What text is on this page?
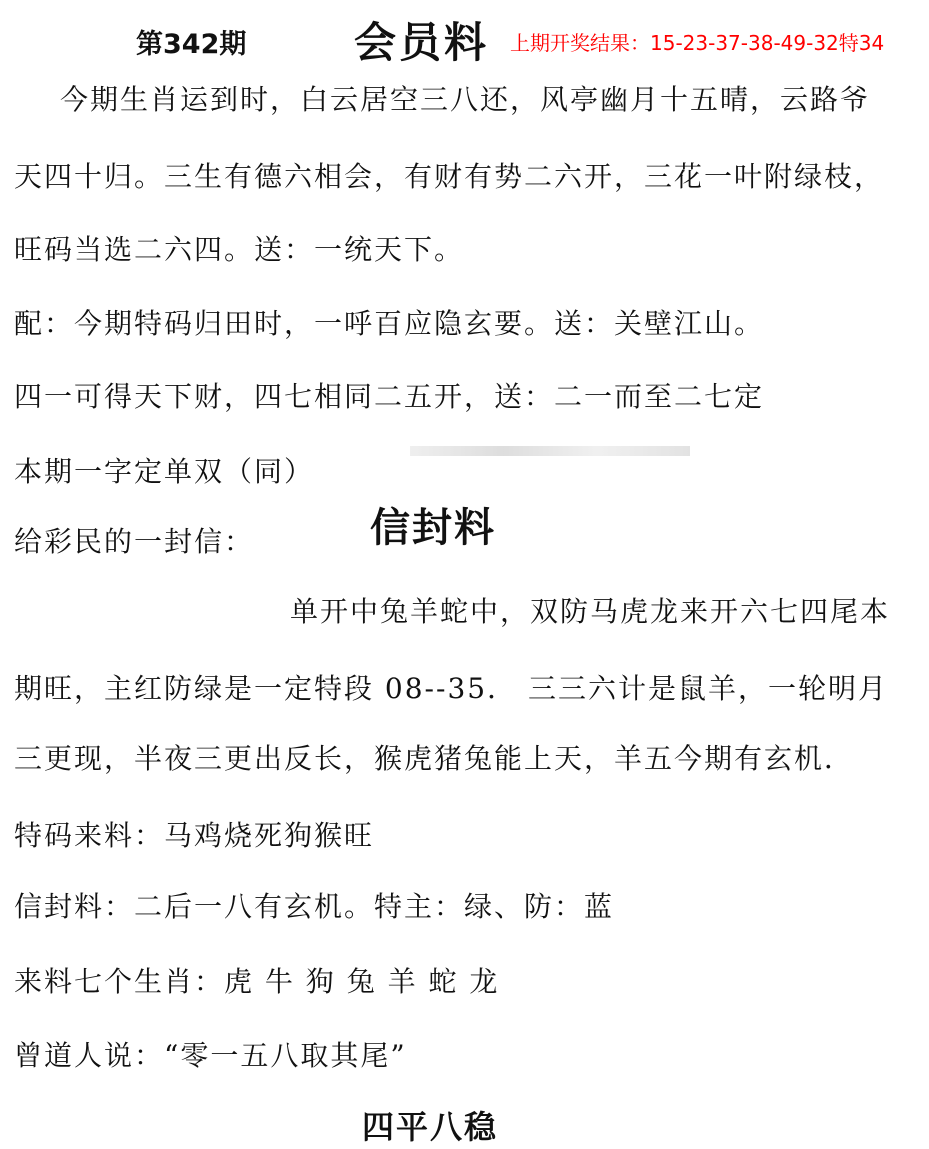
第342期	会员料 上期开奖结果：15-23-37-38-49-32特34
今期生肖运到时，白云居空三八还，风亭幽月十五晴，云路爷
天四十归。三生有德六相会，有财有势二六开，三花一叶附绿枝，
旺码当选二六四。送：一统天下。
配：今期特码归田时，一呼百应隐玄要。送：关壁江山。
四一可得天下财，四七相同二五开，送：二一而至二七定
本期一字定单双（同）
给彩民的一封信：	信封料
单开中兔羊蛇中，双防马虎龙来开六七四尾本
期旺，主红防绿是一定特段 08--35． 三三六计是鼠羊，一轮明月
三更现，半夜三更出反长，猴虎猪兔能上天，羊五今期有玄机．
特码来料：马鸡烧死狗猴旺
信封料：二后一八有玄机。特主：绿、防：蓝
来料七个生肖：虎 牛 狗 兔 羊 蛇 龙
曾道人说：“零一五八取其尾”
四平八稳
